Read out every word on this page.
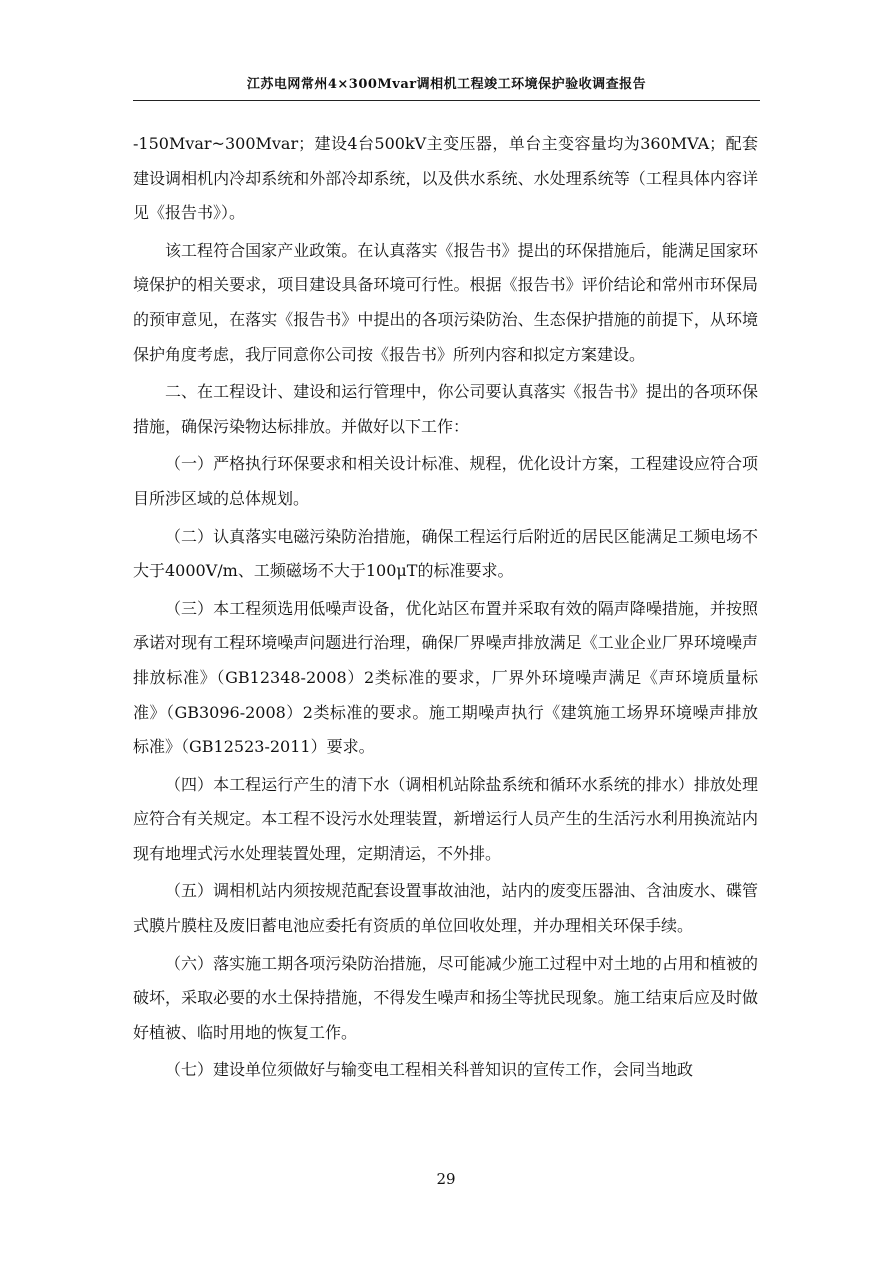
江苏电网常州4×300Mvar调相机工程竣工环境保护验收调查报告

-150Mvar~300Mvar；建设4台500kV主变压器，单台主变容量均为360MVA；配套建设调相机内冷却系统和外部冷却系统，以及供水系统、水处理系统等（工程具体内容详见《报告书》）。

该工程符合国家产业政策。在认真落实《报告书》提出的环保措施后，能满足国家环境保护的相关要求，项目建设具备环境可行性。根据《报告书》评价结论和常州市环保局的预审意见，在落实《报告书》中提出的各项污染防治、生态保护措施的前提下，从环境保护角度考虑，我厅同意你公司按《报告书》所列内容和拟定方案建设。

二、在工程设计、建设和运行管理中，你公司要认真落实《报告书》提出的各项环保措施，确保污染物达标排放。并做好以下工作：

（一）严格执行环保要求和相关设计标准、规程，优化设计方案，工程建设应符合项目所涉区域的总体规划。

（二）认真落实电磁污染防治措施，确保工程运行后附近的居民区能满足工频电场不大于4000V/m、工频磁场不大于100μT的标准要求。

（三）本工程须选用低噪声设备，优化站区布置并采取有效的隔声降噪措施，并按照承诺对现有工程环境噪声问题进行治理，确保厂界噪声排放满足《工业企业厂界环境噪声排放标准》（GB12348-2008）2类标准的要求，厂界外环境噪声满足《声环境质量标准》（GB3096-2008）2类标准的要求。施工期噪声执行《建筑施工场界环境噪声排放标准》（GB12523-2011）要求。

（四）本工程运行产生的清下水（调相机站除盐系统和循环水系统的排水）排放处理应符合有关规定。本工程不设污水处理装置，新增运行人员产生的生活污水利用换流站内现有地埋式污水处理装置处理，定期清运，不外排。

（五）调相机站内须按规范配套设置事故油池，站内的废变压器油、含油废水、碟管式膜片膜柱及废旧蓄电池应委托有资质的单位回收处理，并办理相关环保手续。

（六）落实施工期各项污染防治措施，尽可能减少施工过程中对土地的占用和植被的破坏，采取必要的水土保持措施，不得发生噪声和扬尘等扰民现象。施工结束后应及时做好植被、临时用地的恢复工作。

（七）建设单位须做好与输变电工程相关科普知识的宣传工作，会同当地政

29
